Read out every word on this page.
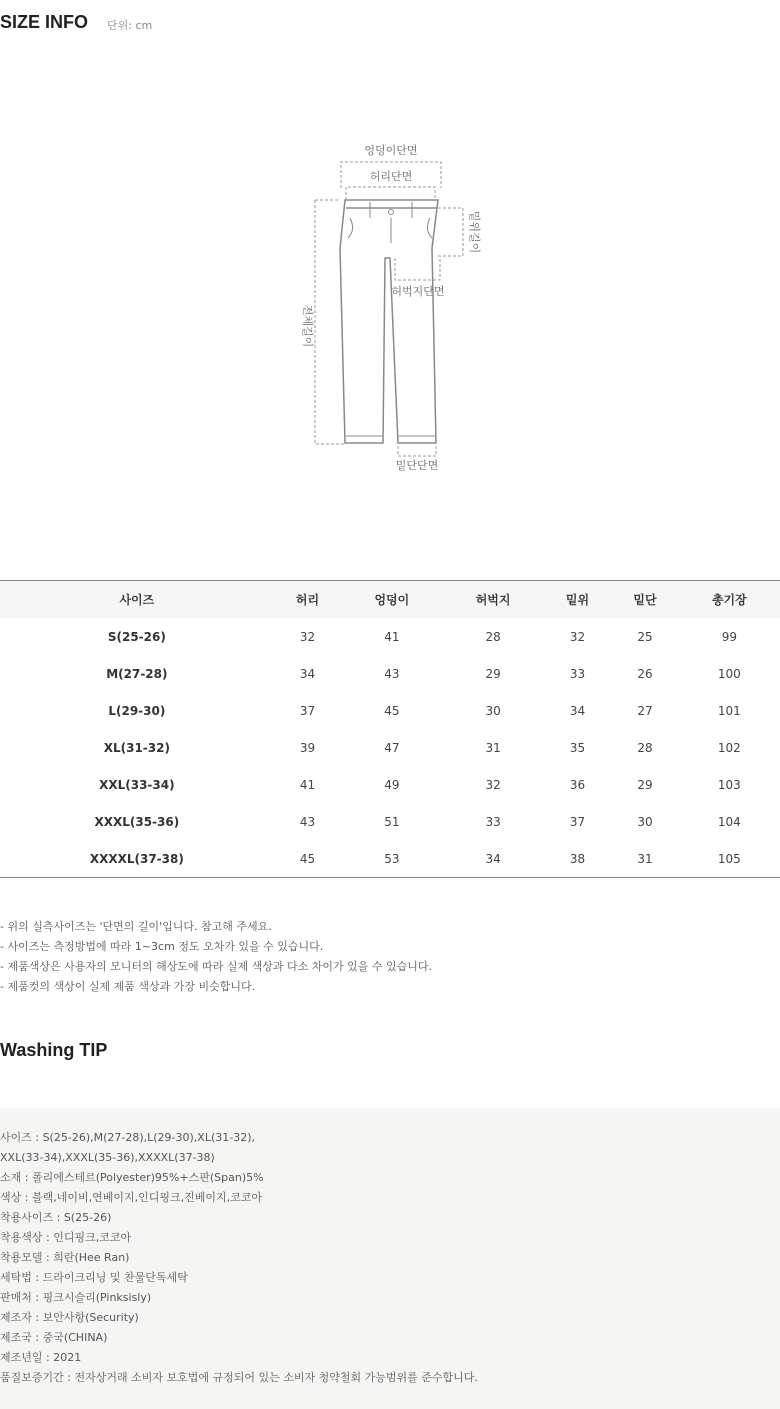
SIZE INFO 단위: cm
엉덩이단면
허리단면
밑위길이
허벅지단면
전체길이
밑단단면
사이즈	허리	엉덩이	허벅지	밑위	밑단	총기장
S(25-26)	32	41	28	32	25	99
M(27-28)	34	43	29	33	26	100
L(29-30)	37	45	30	34	27	101
XL(31-32)	39	47	31	35	28	102
XXL(33-34)	41	49	32	36	29	103
XXXL(35-36)	43	51	33	37	30	104
XXXXL(37-38)	45	53	34	38	31	105
- 위의 실측사이즈는 '단면의 길이'입니다. 참고해 주세요.
- 사이즈는 측정방법에 따라 1~3cm 정도 오차가 있을 수 있습니다.
- 제품색상은 사용자의 모니터의 해상도에 따라 실제 색상과 다소 차이가 있을 수 있습니다.
- 제품컷의 색상이 실제 제품 색상과 가장 비슷합니다.
Washing TIP
사이즈 : S(25-26),M(27-28),L(29-30),XL(31-32),
XXL(33-34),XXXL(35-36),XXXXL(37-38)
소재 : 폴리에스테르(Polyester)95%+스판(Span)5%
색상 : 블랙,네이비,연베이지,인디핑크,진베이지,코코아
착용사이즈 : S(25-26)
착용색상 : 인디핑크,코코아
착용모델 : 희란(Hee Ran)
세탁법 : 드라이크리닝 및 찬물단독세탁
판매처 : 핑크시슬리(Pinksisly)
제조자 : 보안사항(Security)
제조국 : 중국(CHINA)
제조년일 : 2021
품질보증기간 : 전자상거래 소비자 보호법에 규정되어 있는 소비자 청약철회 가능범위를 준수합니다.
